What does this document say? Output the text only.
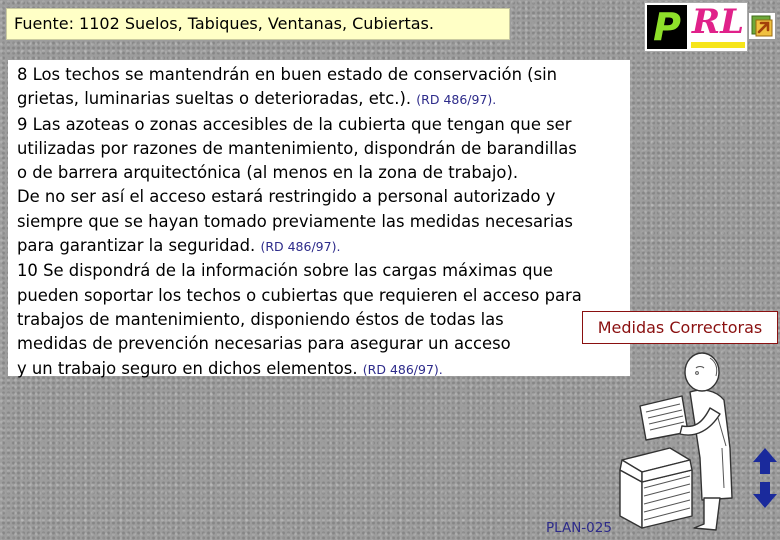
Fuente: 1102 Suelos, Tabiques, Ventanas, Cubiertas.	P RL
8 Los techos se mantendrán en buen estado de conservación (sin
grietas, luminarias sueltas o deterioradas, etc.). (RD 486/97).
9 Las azoteas o zonas accesibles de la cubierta que tengan que ser
utilizadas por razones de mantenimiento, dispondrán de barandillas
o de barrera arquitectónica (al menos en la zona de trabajo).
De no ser así el acceso estará restringido a personal autorizado y
siempre que se hayan tomado previamente las medidas necesarias
para garantizar la seguridad. (RD 486/97).
10 Se dispondrá de la información sobre las cargas máximas que
pueden soportar los techos o cubiertas que requieren el acceso para
trabajos de mantenimiento, disponiendo éstos de todas las
medidas de prevención necesarias para asegurar un acceso
y un trabajo seguro en dichos elementos. (RD 486/97).
Medidas Correctoras
PLAN-025
